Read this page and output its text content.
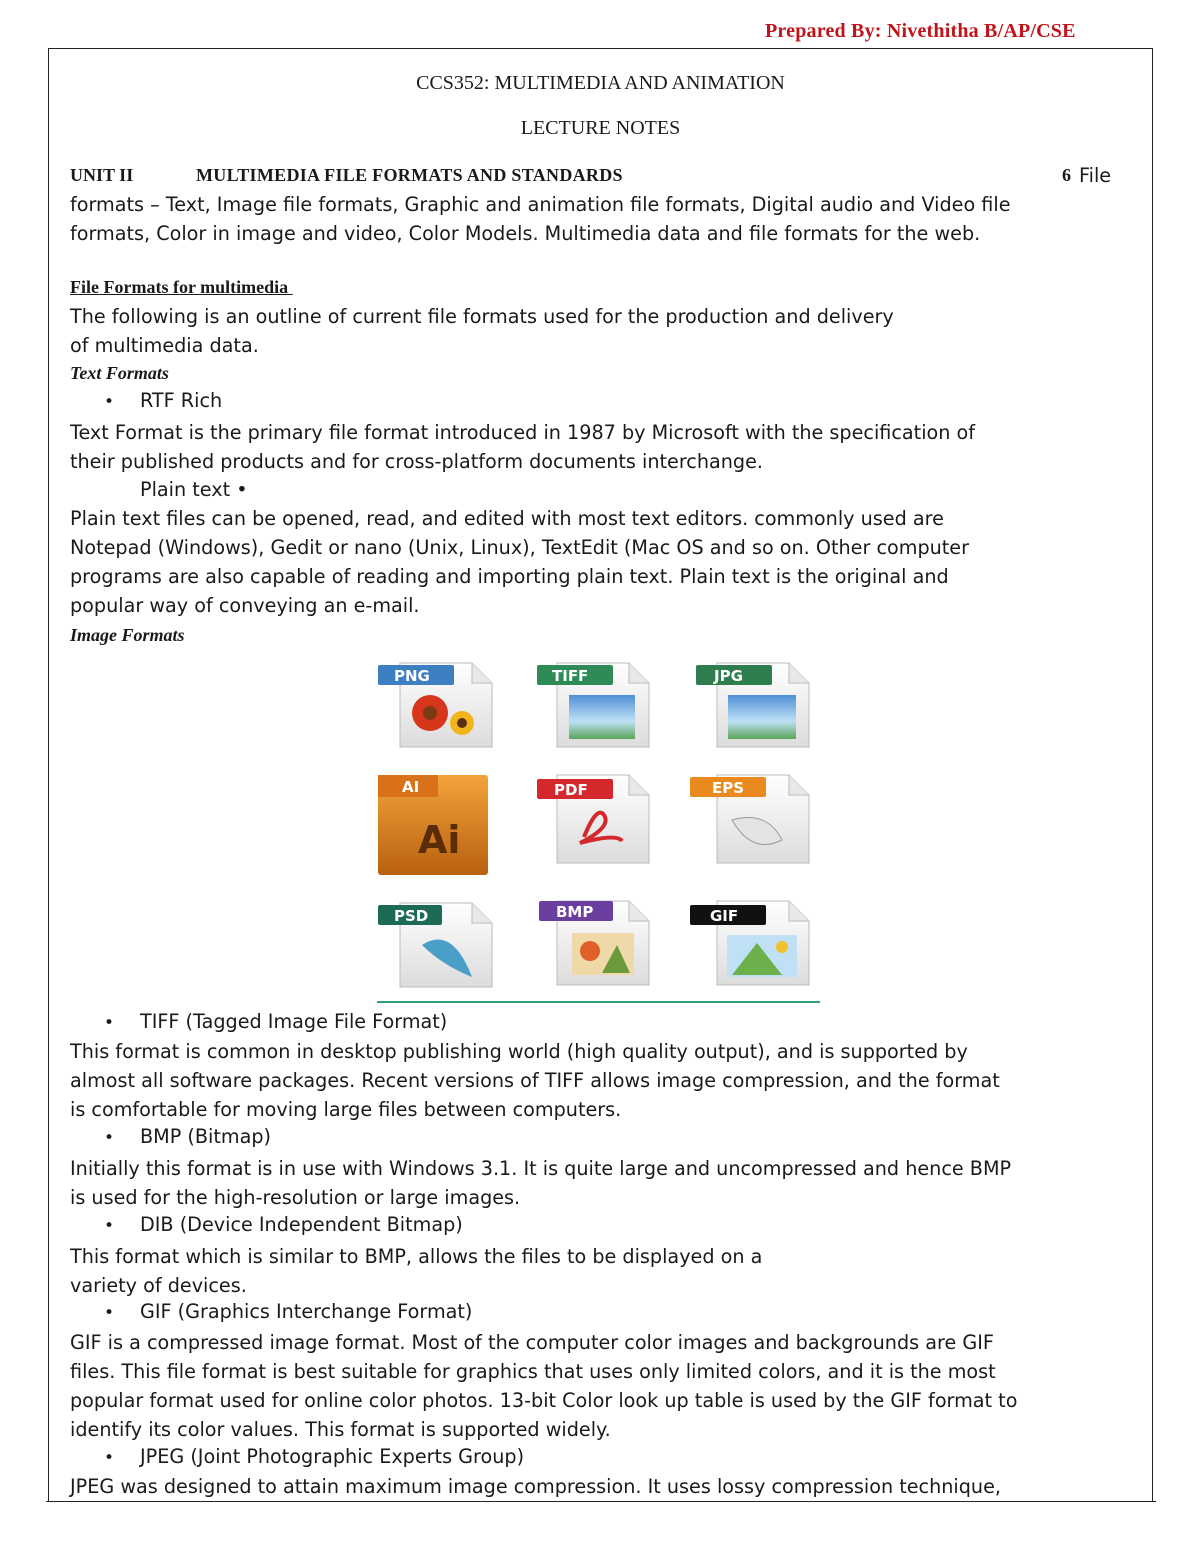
Prepared By: Nivethitha B/AP/CSE
CCS352: MULTIMEDIA AND ANIMATION
LECTURE NOTES
UNIT II	MULTIMEDIA FILE FORMATS AND STANDARDS	6 File
formats – Text, Image file formats, Graphic and animation file formats, Digital audio and Video file
formats, Color in image and video, Color Models. Multimedia data and file formats for the web.
File Formats for multimedia
The following is an outline of current file formats used for the production and delivery
of multimedia data.
Text Formats
• RTF Rich
Text Format is the primary file format introduced in 1987 by Microsoft with the specification of
their published products and for cross-platform documents interchange.
Plain text •
Plain text files can be opened, read, and edited with most text editors. commonly used are
Notepad (Windows), Gedit or nano (Unix, Linux), TextEdit (Mac OS and so on. Other computer
programs are also capable of reading and importing plain text. Plain text is the original and
popular way of conveying an e-mail.
Image Formats
PNG	TIFF	JPG
AI
Ai
PDF	EPS
PSD	BMP	GIF
• TIFF (Tagged Image File Format)
This format is common in desktop publishing world (high quality output), and is supported by
almost all software packages. Recent versions of TIFF allows image compression, and the format
is comfortable for moving large files between computers.
• BMP (Bitmap)
Initially this format is in use with Windows 3.1. It is quite large and uncompressed and hence BMP
is used for the high-resolution or large images.
• DIB (Device Independent Bitmap)
This format which is similar to BMP, allows the files to be displayed on a
variety of devices.
• GIF (Graphics Interchange Format)
GIF is a compressed image format. Most of the computer color images and backgrounds are GIF
files. This file format is best suitable for graphics that uses only limited colors, and it is the most
popular format used for online color photos. 13-bit Color look up table is used by the GIF format to
identify its color values. This format is supported widely.
• JPEG (Joint Photographic Experts Group)
JPEG was designed to attain maximum image compression. It uses lossy compression technique,
